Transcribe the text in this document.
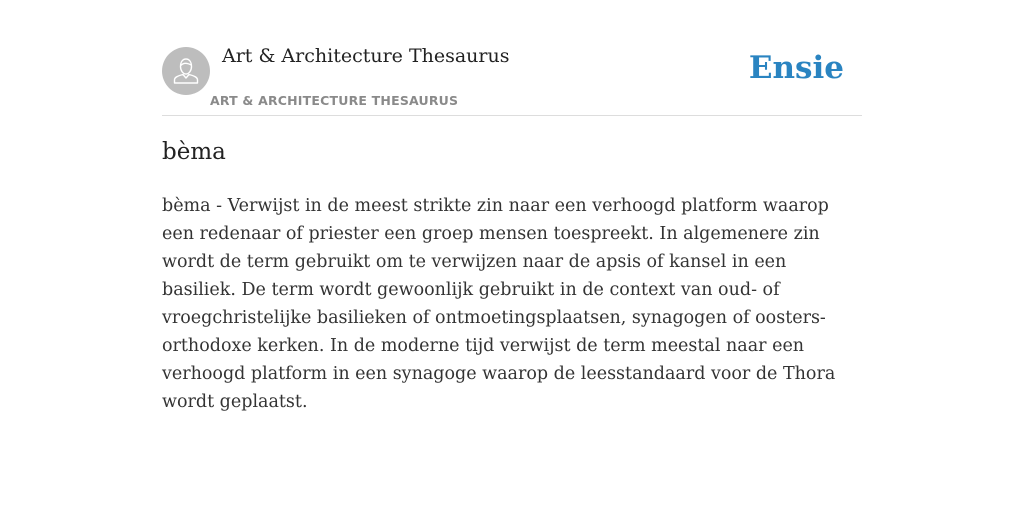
Art & Architecture Thesaurus
ART & ARCHITECTURE THESAURUS
Ensie
bèma

bèma - Verwijst in de meest strikte zin naar een verhoogd platform waarop een redenaar of priester een groep mensen toespreekt. In algemenere zin wordt de term gebruikt om te verwijzen naar de apsis of kansel in een basiliek. De term wordt gewoonlijk gebruikt in de context van oud- of vroegchristelijke basilieken of ontmoetingsplaatsen, synagogen of oosters-orthodoxe kerken. In de moderne tijd verwijst de term meestal naar een verhoogd platform in een synagoge waarop de leesstandaard voor de Thora wordt geplaatst.
